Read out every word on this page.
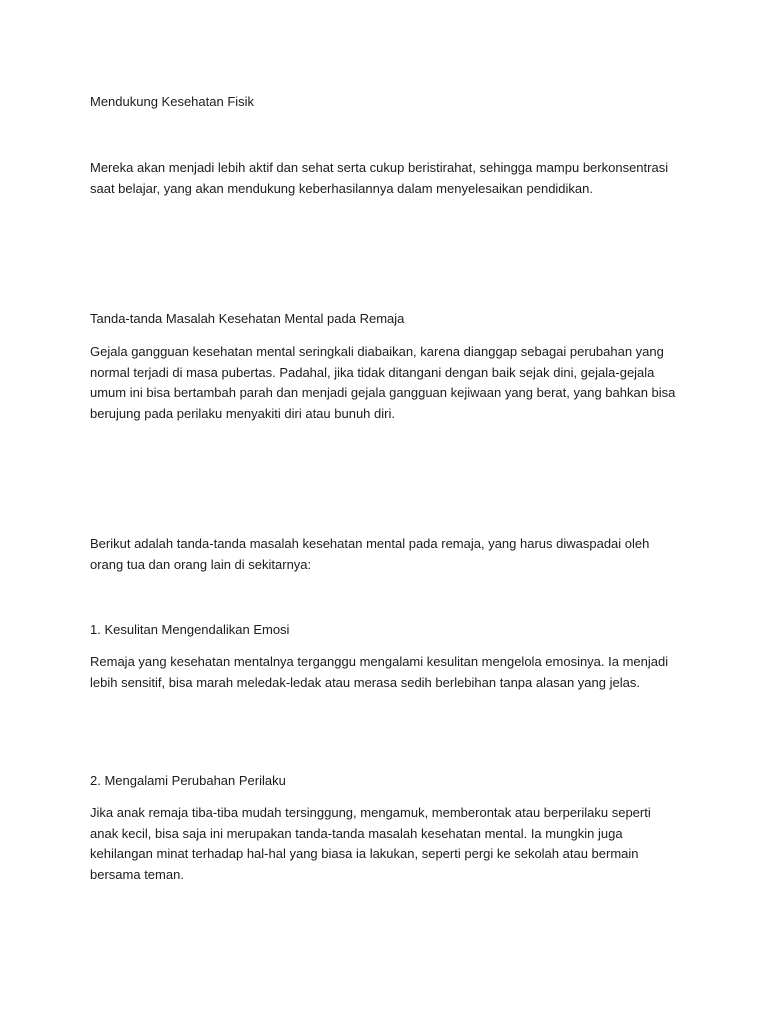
Mendukung Kesehatan Fisik

Mereka akan menjadi lebih aktif dan sehat serta cukup beristirahat, sehingga mampu berkonsentrasi saat belajar, yang akan mendukung keberhasilannya dalam menyelesaikan pendidikan.

Tanda-tanda Masalah Kesehatan Mental pada Remaja

Gejala gangguan kesehatan mental seringkali diabaikan, karena dianggap sebagai perubahan yang normal terjadi di masa pubertas. Padahal, jika tidak ditangani dengan baik sejak dini, gejala-gejala umum ini bisa bertambah parah dan menjadi gejala gangguan kejiwaan yang berat, yang bahkan bisa berujung pada perilaku menyakiti diri atau bunuh diri.

Berikut adalah tanda-tanda masalah kesehatan mental pada remaja, yang harus diwaspadai oleh orang tua dan orang lain di sekitarnya:

1. Kesulitan Mengendalikan Emosi

Remaja yang kesehatan mentalnya terganggu mengalami kesulitan mengelola emosinya. Ia menjadi lebih sensitif, bisa marah meledak-ledak atau merasa sedih berlebihan tanpa alasan yang jelas.

2. Mengalami Perubahan Perilaku

Jika anak remaja tiba-tiba mudah tersinggung, mengamuk, memberontak atau berperilaku seperti anak kecil, bisa saja ini merupakan tanda-tanda masalah kesehatan mental. Ia mungkin juga kehilangan minat terhadap hal-hal yang biasa ia lakukan, seperti pergi ke sekolah atau bermain bersama teman.
